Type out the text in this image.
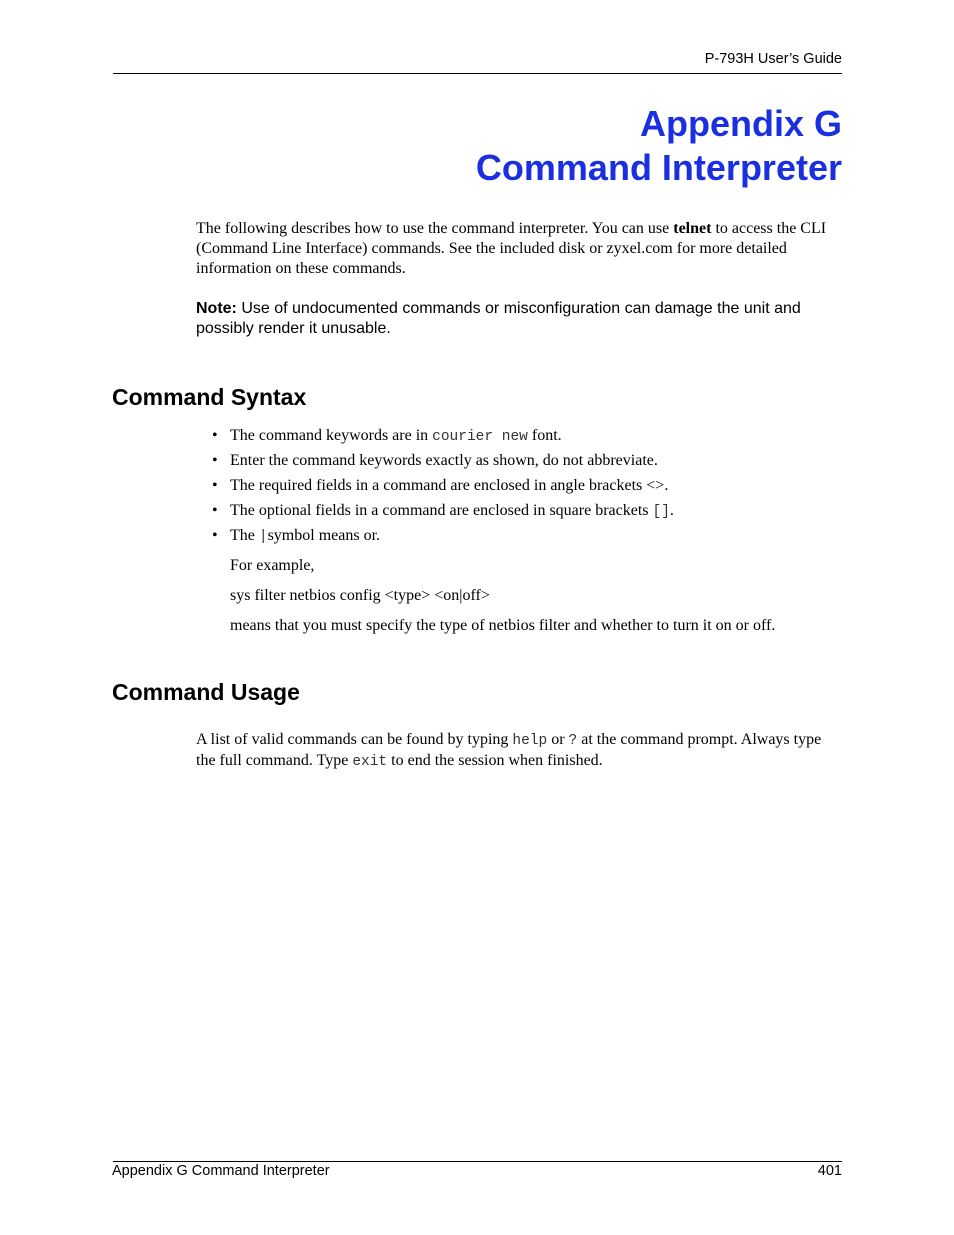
P-793H User’s Guide
Appendix G
Command Interpreter
The following describes how to use the command interpreter. You can use telnet to access the CLI (Command Line Interface) commands. See the included disk or zyxel.com for more detailed information on these commands.
Note: Use of undocumented commands or misconfiguration can damage the unit and possibly render it unusable.
Command Syntax
• The command keywords are in courier new font.
• Enter the command keywords exactly as shown, do not abbreviate.
• The required fields in a command are enclosed in angle brackets <>.
• The optional fields in a command are enclosed in square brackets [].
• The |symbol means or.
For example,
sys filter netbios config <type> <on|off>
means that you must specify the type of netbios filter and whether to turn it on or off.
Command Usage
A list of valid commands can be found by typing help or ? at the command prompt. Always type the full command. Type exit to end the session when finished.
Appendix G Command Interpreter	401
